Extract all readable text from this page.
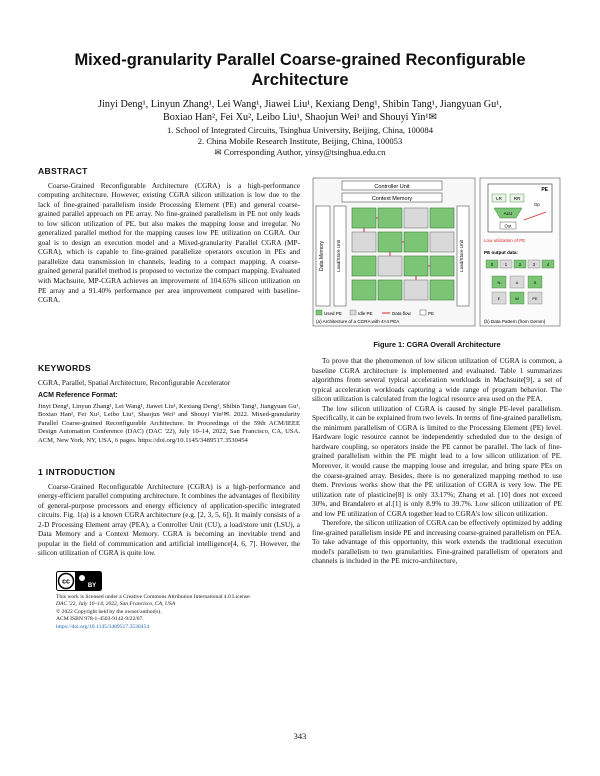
Mixed-granularity Parallel Coarse-grained Reconfigurable Architecture
Jinyi Deng¹, Linyun Zhang¹, Lei Wang¹, Jiawei Liu¹, Kexiang Deng¹, Shibin Tang¹, Jiangyuan Gu¹,
Boxiao Han², Fei Xu², Leibo Liu¹, Shaojun Wei¹ and Shouyi Yin¹✉
1. School of Integrated Circuits, Tsinghua University, Beijing, China, 100084
2. China Mobile Research Institute, Beijing, China, 100053
✉ Corresponding Author, yinsy@tsinghua.edu.cn
ABSTRACT

Coarse-Grained Reconfigurable Architecture (CGRA) is a high-performance computing architecture. However, existing CGRA silicon utilization is low due to the lack of fine-grained parallelism inside Processing Element (PE) and general coarse-grained parallel approach on PE array. No fine-grained parallelism in PE not only leads to low silicon utilization of PE, but also makes the mapping loose and irregular. No generalized parallel method for the mapping causes low PE utilization on CGRA. Our goal is to design an execution model and a Mixed-granularity Parallel CGRA (MP-CGRA), which is capable to fine-grained parallelize operators excution in PEs and parallelize data transmission in channels, leading to a compact mapping. A coarse-grained general parallel method is proposed to vectorize the compact mapping. Evaluated with Machsuite, MP-CGRA achieves an improvement of 104.65% silicon utilization on PE array and a 91.40% performance per area improvement compared with baseline-CGRA.

KEYWORDS

CGRA, Parallel, Spatial Architecture, Reconfigurable Accelerator

ACM Reference Format:

Jinyi Deng¹, Linyun Zhang¹, Lei Wang¹, Jiawei Liu¹, Kexiang Deng¹, Shibin Tang¹, Jiangyuan Gu¹, Boxiao Han², Fei Xu², Leibo Liu¹, Shaojun Wei¹ and Shouyi Yin¹✉. 2022. Mixed-granularity Parallel Coarse-grained Reconfigurable Architecture. In Proceedings of the 59th ACM/IEEE Design Automation Conference (DAC) (DAC '22), July 10–14, 2022, San Francisco, CA, USA. ACM, New York, NY, USA, 6 pages. https://doi.org/10.1145/3489517.3530454

1 INTRODUCTION

Coarse-Grained Reconfigurable Architecture (CGRA) is a high-performance and energy-efficient parallel computing architecture. It combines the advantages of flexibility of general-purpose processors and energy efficiency of application-specific integrated circuits. Fig. 1(a) is a known CGRA architecture (e.g. [2, 3, 5, 6]). It mainly consists of a 2-D Processing Element array (PEA), a Controller Unit (CU), a load/store unit (LSU), a Data Memory and a Context Memory. CGRA is becoming an inevitable trend and popular in the field of communication and artificial intelligence[4, 6, 7]. However, the silicon utilization of CGRA is quite low.

cc
BY
This work is licensed under a Creative Commons Attribution International 4.0 License.
DAC '22, July 10–14, 2022, San Francisco, CA, USA
© 2022 Copyright held by the owner/author(s).
ACM ISBN 978-1-4503-9142-9/22/07.
https://doi.org/10.1145/3489517.3530454
Controller Unit
Context Memory
Data Memory Load/Store Unit	Load/Store Unit
Used PE	Idle PE	Data flow	PE
(a) Architecture of a CGRA with 4×4 PEA
PE
LR	RR
ALU
Out
Op
Low utilization of PE
PE output data:
0	1	2	3	4
N	A	S
E	W	PE
(b) Data Pattern (from Gemm)
Figure 1: CGRA Overall Architecture

To prove that the phenomenon of low silicon utilization of CGRA is common, a baseline CGRA architecture is implemented and evaluated. Table 1 summarizes algorithms from several typical acceleration workloads in Machsuite[9], a set of typical acceleration workloads capturing a wide range of program behavior. The silicon utilization is calculated from the logical resource area used on the PEA.

The low silicon utilization of CGRA is caused by single PE-level parallelism. Specifically, it can be explained from two levels. In terms of fine-grained parallelism, the minimum parallelism of CGRA is limited to the Processing Element (PE) level. Hardware logic resource cannot be independently scheduled due to the design of hardware coupling, so operators inside the PE cannot be parallel. The lack of fine-grained parallelism within the PE might lead to a low silicon utilization of PE. Moreover, it would cause the mapping loose and irregular, and bring spare PEs on the coarse-grained array. Besides, there is no generalized mapping method to use them. Previous works show that the PE utilization of CGRA is very low. The PE utilization rate of plasticine[8] is only 33.17%; Zhang et al. [10] does not exceed 30%, and Brandalero et al.[1] is only 8.9% to 39.7%. Low silicon utilization of PE and low PE utilization of CGRA together lead to CGRA's low silicon utilization.

Therefore, the silicon utilization of CGRA can be effectively optimized by adding fine-grained parallelism inside PE and increasing coarse-grained parallelism on PEA. To take advantage of this opportunity, this work extends the traditional execution model's parallelism to two granularities. Fine-grained parallelism of operators and channels is included in the PE micro-architecture,

343
